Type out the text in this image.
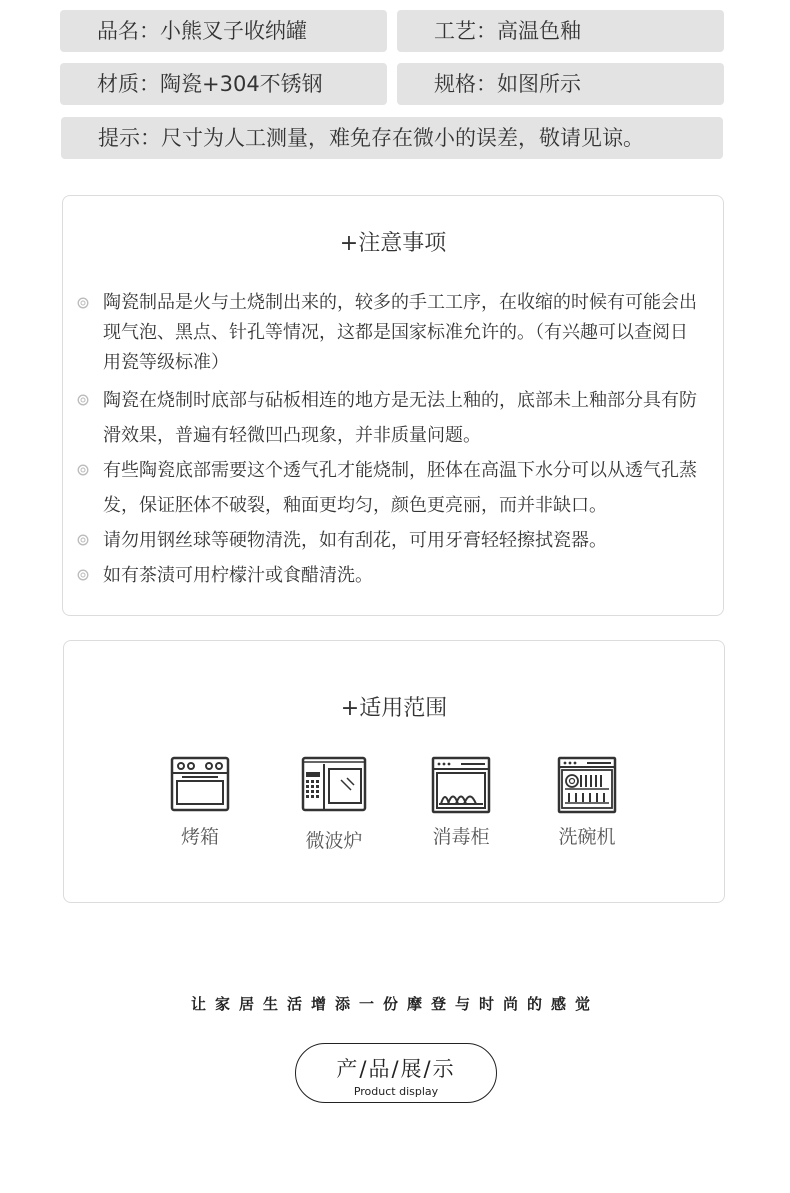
品名：小熊叉子收纳罐	工艺：高温色釉
材质：陶瓷+304不锈钢	规格：如图所示
提示：尺寸为人工测量，难免存在微小的误差，敬请见谅。
+注意事项
陶瓷制品是火与土烧制出来的，较多的手工工序，在收缩的时候有可能会出现气泡、黑点、针孔等情况，这都是国家标准允许的。（有兴趣可以查阅日用瓷等级标准）
陶瓷在烧制时底部与砧板相连的地方是无法上釉的，底部未上釉部分具有防滑效果，普遍有轻微凹凸现象，并非质量问题。
有些陶瓷底部需要这个透气孔才能烧制，胚体在高温下水分可以从透气孔蒸发，保证胚体不破裂，釉面更均匀，颜色更亮丽，而并非缺口。
请勿用钢丝球等硬物清洗，如有刮花，可用牙膏轻轻擦拭瓷器。
如有茶渍可用柠檬汁或食醋清洗。
+适用范围
烤箱	微波炉	消毒柜	洗碗机
让家居生活增添一份摩登与时尚的感觉
产/品/展/示
Product display
